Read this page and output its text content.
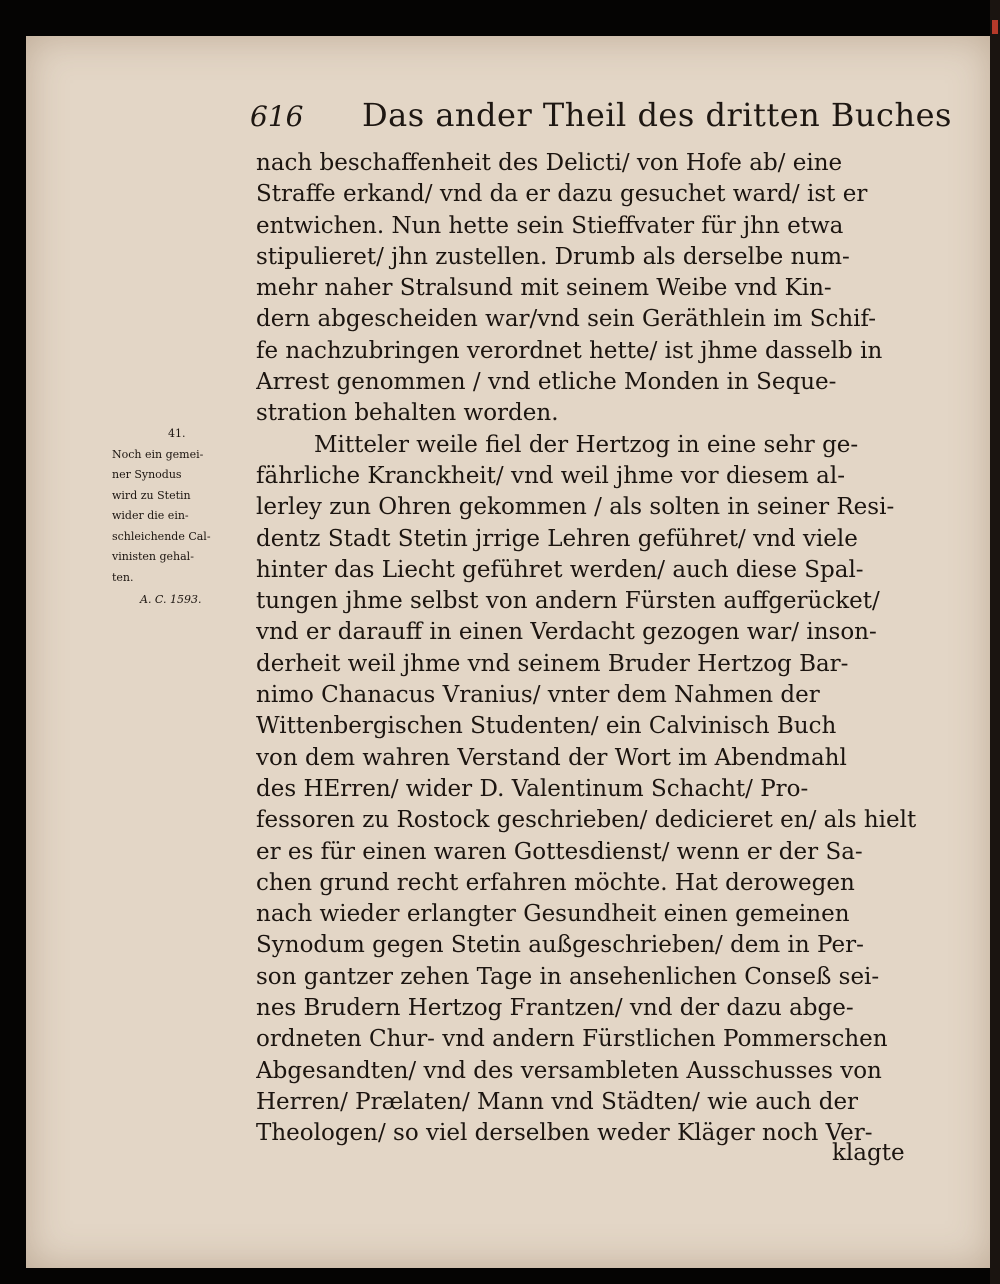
616 Das ander Theil des dritten Buches
41.
Noch ein gemei-
ner Synodus
wird zu Stetin
wider die ein-
schleichende Cal-
vinisten gehal-
ten.
A. C. 1593.
nach beschaffenheit des Delicti/ von Hofe ab/ eine
Straffe erkand/ vnd da er dazu gesuchet ward/ ist er
entwichen. Nun hette sein Stieffvater für jhn etwa
stipulieret/ jhn zustellen. Drumb als derselbe num-
mehr naher Stralsund mit seinem Weibe vnd Kin-
dern abgescheiden war/vnd sein Geräthlein im Schif-
fe nachzubringen verordnet hette/ ist jhme dasselb in
Arrest genommen / vnd etliche Monden in Seque-
stration behalten worden.
Mitteler weile fiel der Hertzog in eine sehr ge-
fährliche Kranckheit/ vnd weil jhme vor diesem al-
lerley zun Ohren gekommen / als solten in seiner Resi-
dentz Stadt Stetin jrrige Lehren geführet/ vnd viele
hinter das Liecht geführet werden/ auch diese Spal-
tungen jhme selbst von andern Fürsten auffgerücket/
vnd er darauff in einen Verdacht gezogen war/ inson-
derheit weil jhme vnd seinem Bruder Hertzog Bar-
nimo Chanacus Vranius/ vnter dem Nahmen der
Wittenbergischen Studenten/ ein Calvinisch Buch
von dem wahren Verstand der Wort im Abendmahl
des HErren/ wider D. Valentinum Schacht/ Pro-
fessoren zu Rostock geschrieben/ dedicieret en/ als hielt
er es für einen waren Gottesdienst/ wenn er der Sa-
chen grund recht erfahren möchte. Hat derowegen
nach wieder erlangter Gesundheit einen gemeinen
Synodum gegen Stetin außgeschrieben/ dem in Per-
son gantzer zehen Tage in ansehenlichen Conseß sei-
nes Brudern Hertzog Frantzen/ vnd der dazu abge-
ordneten Chur- vnd andern Fürstlichen Pommerschen
Abgesandten/ vnd des versambleten Ausschusses von
Herren/ Prælaten/ Mann vnd Städten/ wie auch der
Theologen/ so viel derselben weder Kläger noch Ver-
klagte
